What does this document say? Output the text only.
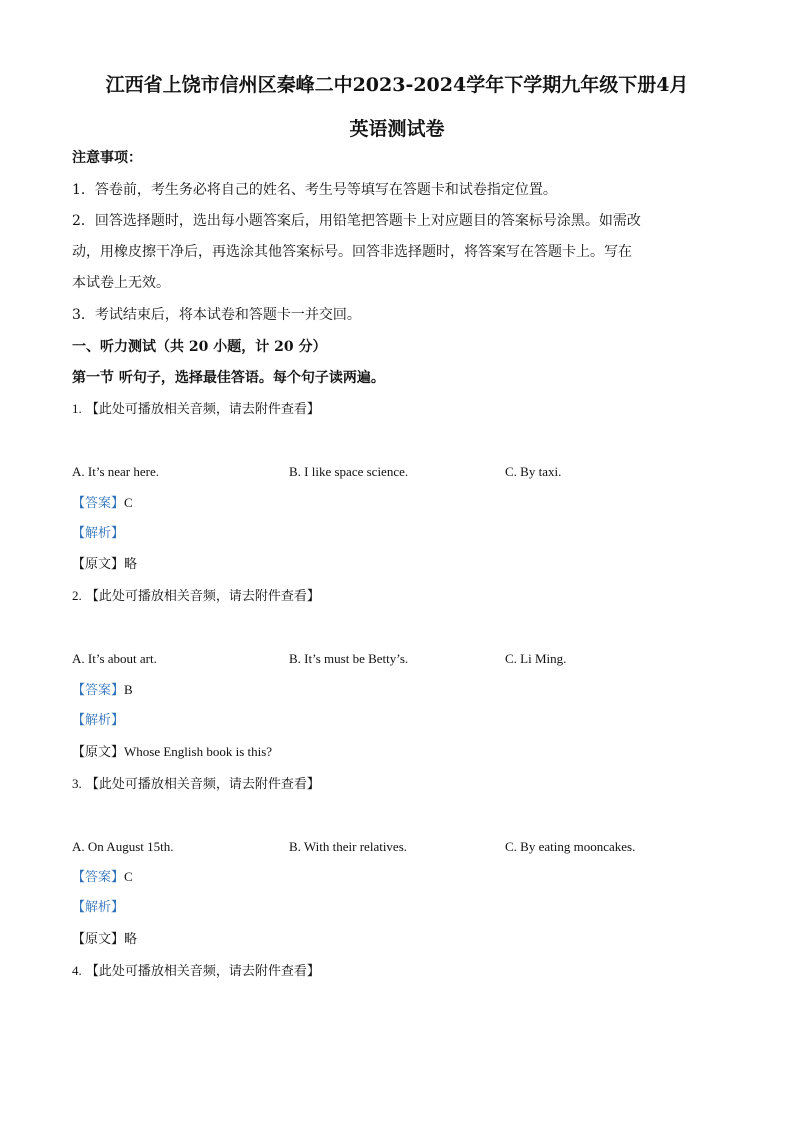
江西省上饶市信州区秦峰二中2023-2024学年下学期九年级下册4月
英语测试卷
注意事项：
1．答卷前，考生务必将自己的姓名、考生号等填写在答题卡和试卷指定位置。
2．回答选择题时，选出每小题答案后，用铅笔把答题卡上对应题目的答案标号涂黑。如需改
动，用橡皮擦干净后，再选涂其他答案标号。回答非选择题时，将答案写在答题卡上。写在
本试卷上无效。
3．考试结束后，将本试卷和答题卡一并交回。
一、听力测试（共 20 小题，计 20 分）
第一节 听句子，选择最佳答语。每个句子读两遍。
1. 【此处可播放相关音频，请去附件查看】
A. It’s near here.	B. I like space science.	C. By taxi.
【答案】C
【解析】
【原文】略
2. 【此处可播放相关音频，请去附件查看】
A. It’s about art.	B. It’s must be Betty’s.	C. Li Ming.
【答案】B
【解析】
【原文】Whose English book is this?
3. 【此处可播放相关音频，请去附件查看】
A. On August 15th.	B. With their relatives.	C. By eating mooncakes.
【答案】C
【解析】
【原文】略
4. 【此处可播放相关音频，请去附件查看】
